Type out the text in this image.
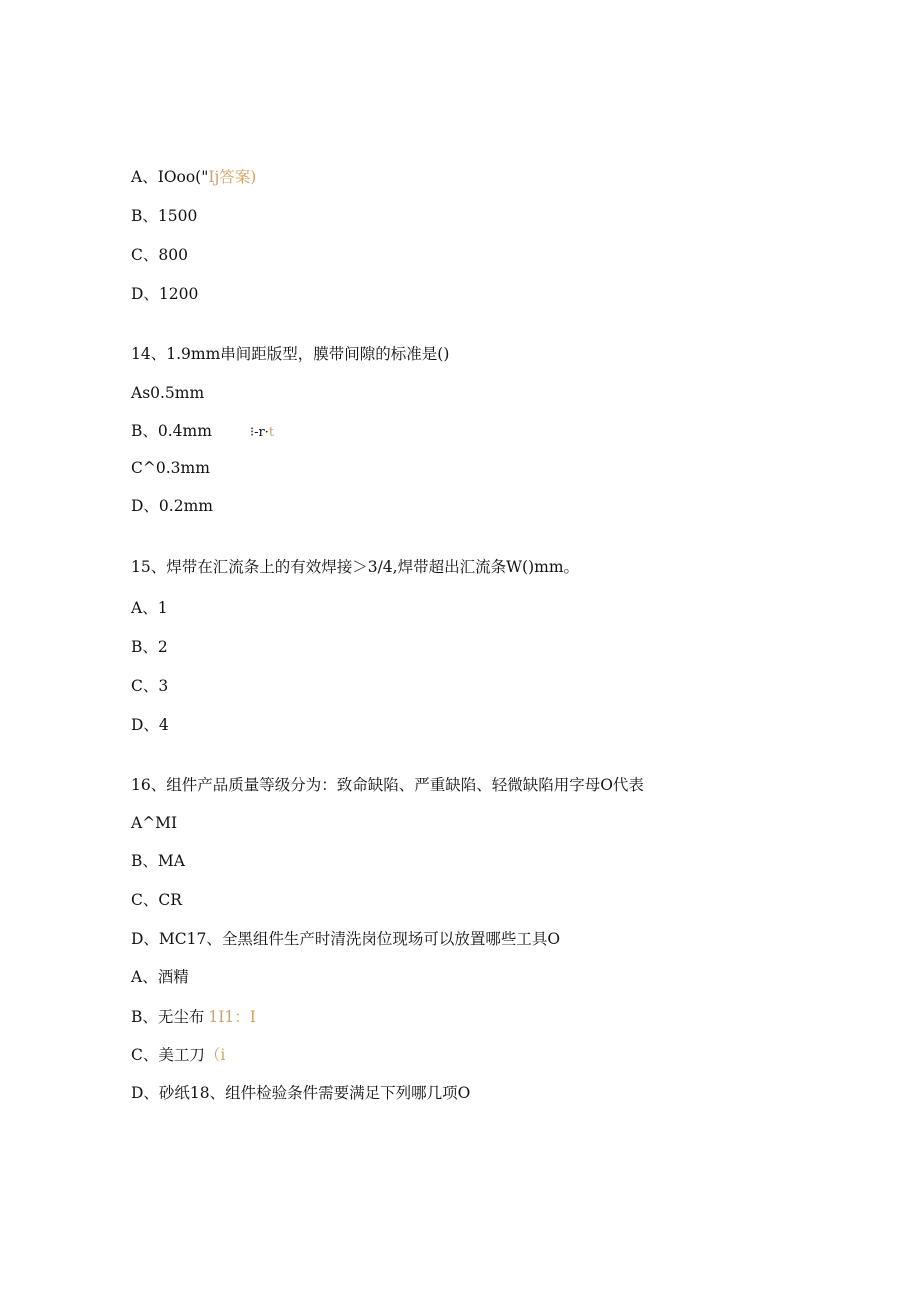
A、IOoo("Ij答案)
B、1500
C、800
D、1200
14、1.9mm串间距版型，膜带间隙的标准是()
As0.5mm
B、0.4mm	⁝-r·t
C^0.3mm
D、0.2mm
15、焊带在汇流条上的有效焊接＞3/4,焊带超出汇流条W()mm。
A、1
B、2
C、3
D、4
16、组件产品质量等级分为：致命缺陷、严重缺陷、轻微缺陷用字母O代表
A^MI
B、MA
C、CR
D、MC17、全黑组件生产时清洗岗位现场可以放置哪些工具O
A、酒精
B、无尘布 1I1：I
C、美工刀（i
D、砂纸18、组件检验条件需要满足下列哪几项O
